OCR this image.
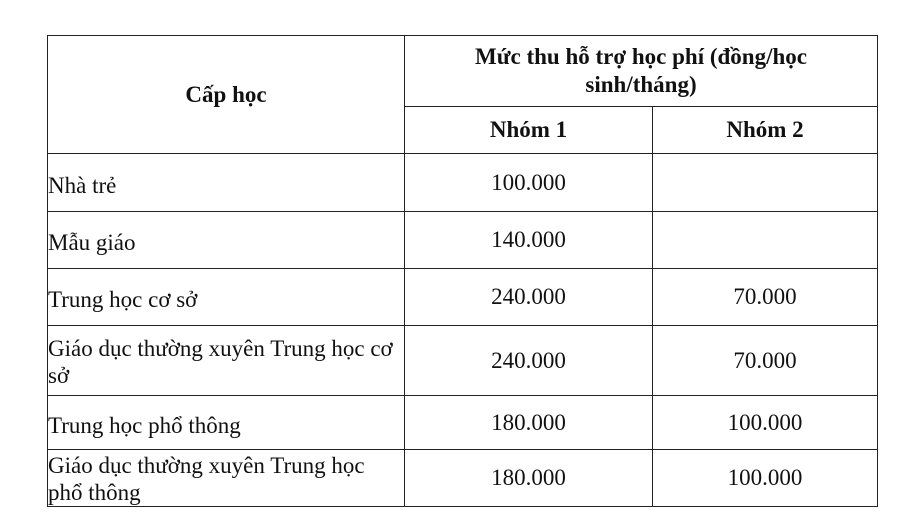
Cấp học	Mức thu hỗ trợ học phí (đồng/học sinh/tháng)	
	Nhóm 1	Nhóm 2
Nhà trẻ	100.000	
Mẫu giáo	140.000	
Trung học cơ sở	240.000	70.000
Giáo dục thường xuyên Trung học cơ sở	240.000	70.000
Trung học phổ thông	180.000	100.000
Giáo dục thường xuyên Trung học phổ thông	180.000	100.000
